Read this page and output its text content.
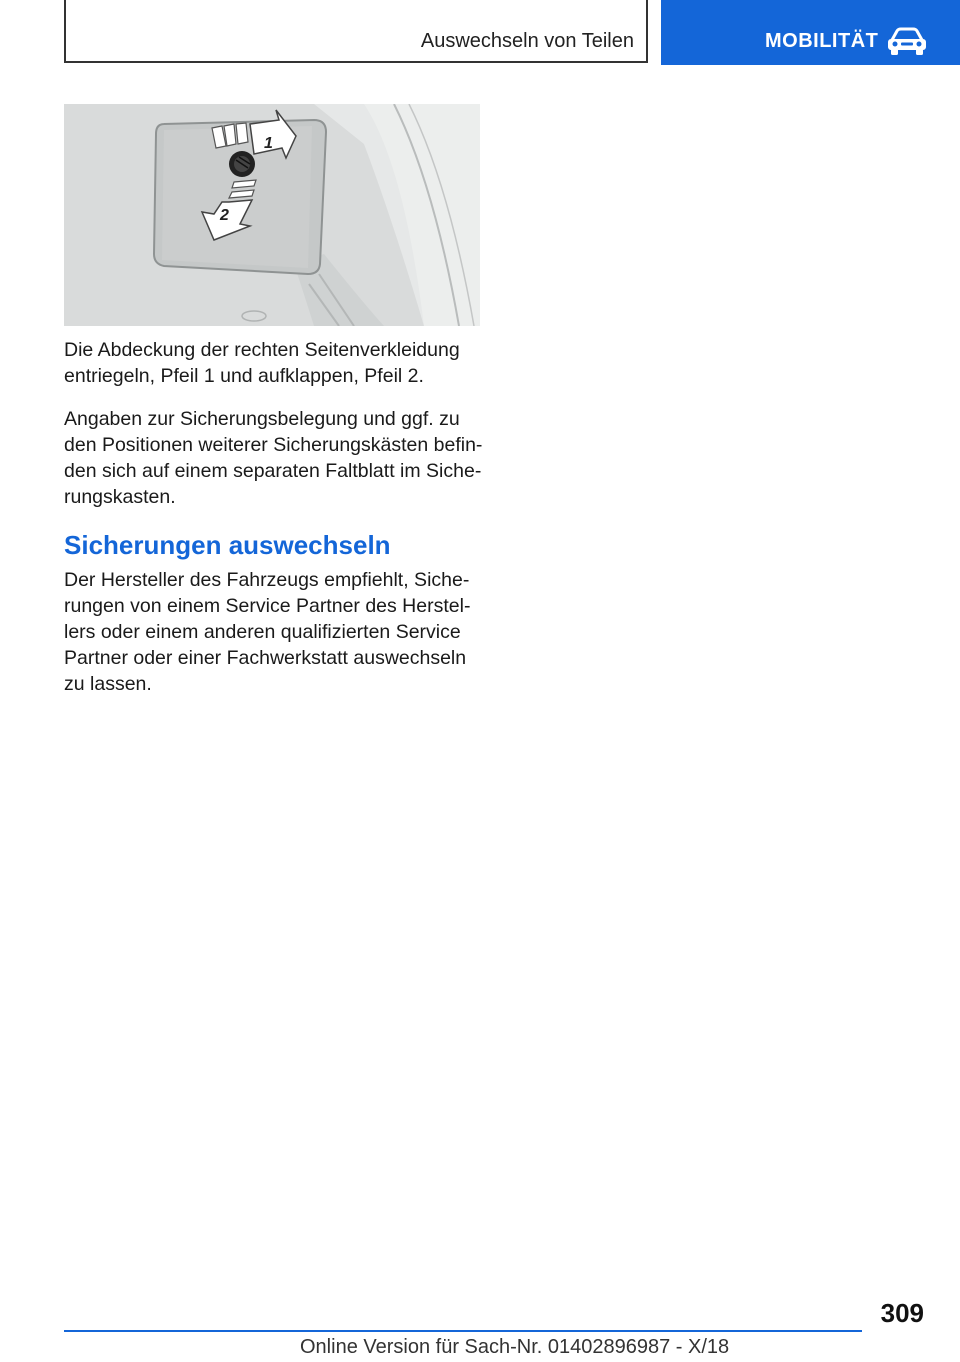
Auswechseln von Teilen	MOBILITÄT
1
2

Die Abdeckung der rechten Seitenverkleidung entriegeln, Pfeil 1 und aufklappen, Pfeil 2.

Angaben zur Sicherungsbelegung und ggf. zu den Positionen weiterer Sicherungskästen befinden sich auf einem separaten Faltblatt im Sicherungskasten.

Sicherungen auswechseln

Der Hersteller des Fahrzeugs empfiehlt, Sicherungen von einem Service Partner des Herstellers oder einem anderen qualifizierten Service Partner oder einer Fachwerkstatt auswechseln zu lassen.

309
Online Version für Sach-Nr. 01402896987 - X/18
